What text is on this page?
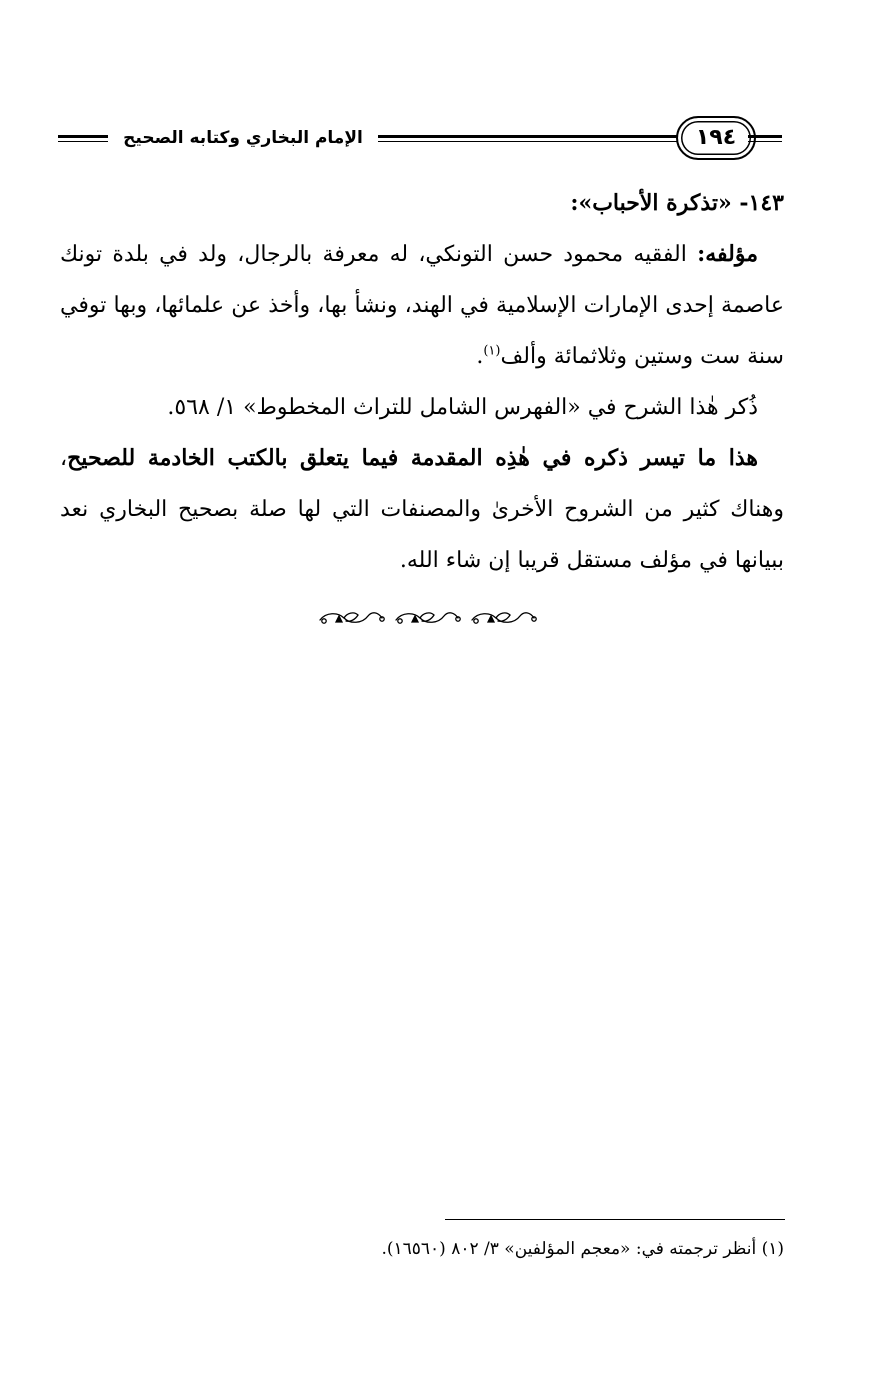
الإمام البخاري وكتابه الصحيح	١٩٤

١٤٣- «تذكرة الأحباب»:

مؤلفه: الفقيه محمود حسن التونكي، له معرفة بالرجال، ولد في بلدة تونك عاصمة إحدى الإمارات الإسلامية في الهند، ونشأ بها، وأخذ عن علمائها، وبها توفي سنة ست وستين وثلاثمائة وألف$^{(١)}$.

ذُكر هٰذا الشرح في «الفهرس الشامل للتراث المخطوط» ١/ ٥٦٨.

هذا ما تيسر ذكره في هٰذِه المقدمة فيما يتعلق بالكتب الخادمة للصحيح، وهناك كثير من الشروح الأخرىٰ والمصنفات التي لها صلة بصحيح البخاري نعد ببيانها في مؤلف مستقل قريبا إن شاء الله.

(١) أنظر ترجمته في: «معجم المؤلفين» ٣/ ٨٠٢ (١٦٥٦٠).
